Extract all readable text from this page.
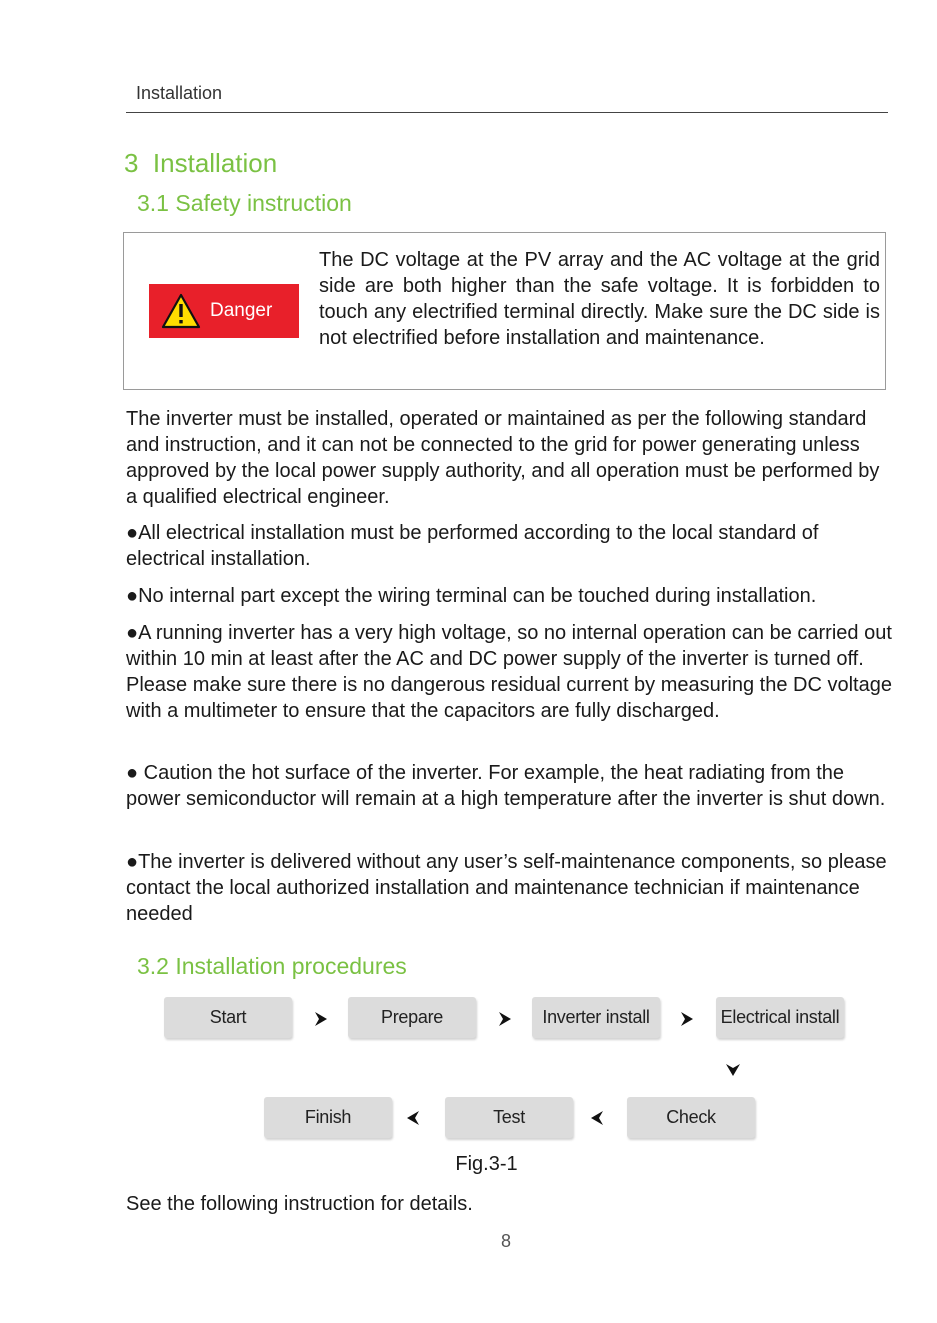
Installation
3  Installation
3.1 Safety instruction
Danger
The DC voltage at the PV array and the AC voltage at the grid side are both higher than the safe voltage. It is forbidden to touch any electrified terminal directly. Make sure the DC side is not electrified before installation and maintenance.

The inverter must be installed, operated or maintained as per the following standard and instruction, and it can not be connected to the grid for power generating unless approved by the local power supply authority, and all operation must be performed by a qualified electrical engineer.

●All electrical installation must be performed according to the local standard of electrical installation.

●No internal part except the wiring terminal can be touched during installation.

●A running inverter has a very high voltage, so no internal operation can be carried out within 10 min at least after the AC and DC power supply of the inverter is turned off. Please make sure there is no dangerous residual current by measuring the DC voltage with a multimeter to ensure that the capacitors are fully discharged.

● Caution the hot surface of the inverter. For example, the heat radiating from the power semiconductor will remain at a high temperature after the inverter is shut down.

●The inverter is delivered without any user’s self-maintenance components, so please contact the local authorized installation and maintenance technician if maintenance needed

3.2 Installation procedures
Start	Prepare	Inverter install	Electrical install
Check
Test
Finish
Fig.3-1

See the following instruction for details.

8
